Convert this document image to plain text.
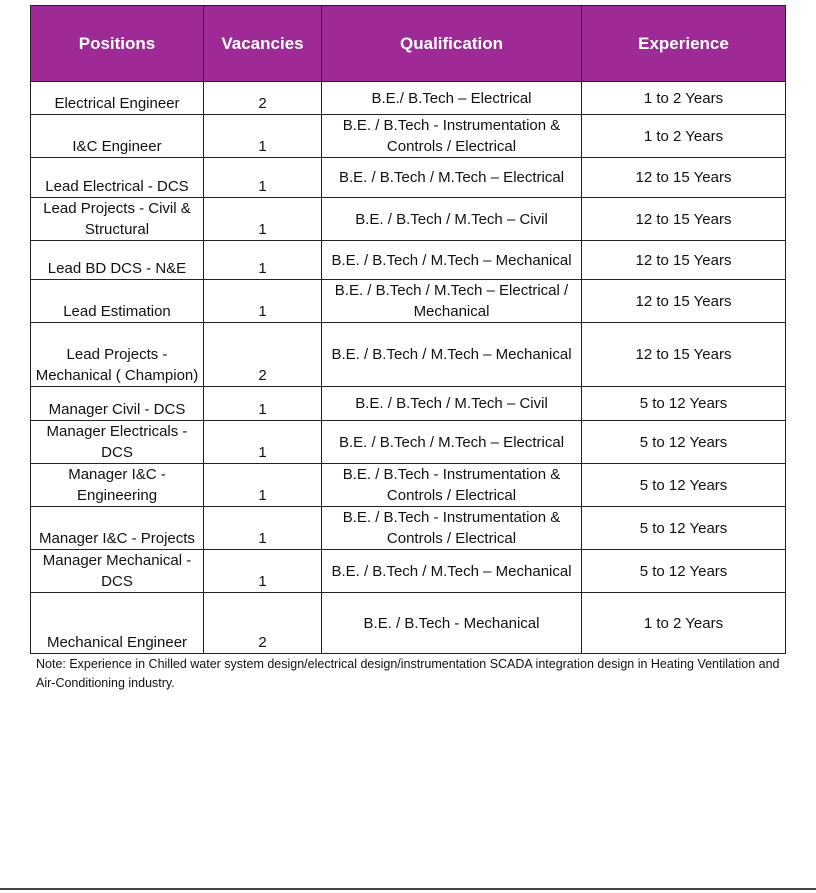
Positions	Vacancies	Qualification	Experience
Electrical Engineer	2	B.E./ B.Tech – Electrical	1 to 2 Years
I&C Engineer	1	B.E. / B.Tech - Instrumentation & Controls / Electrical	1 to 2 Years
Lead Electrical - DCS	1	B.E. / B.Tech / M.Tech – Electrical	12 to 15 Years
Lead Projects - Civil & Structural	1	B.E. / B.Tech / M.Tech – Civil	12 to 15 Years
Lead BD DCS - N&E	1	B.E. / B.Tech / M.Tech – Mechanical	12 to 15 Years
Lead Estimation	1	B.E. / B.Tech / M.Tech – Electrical / Mechanical	12 to 15 Years
Lead Projects - Mechanical ( Champion)	2	B.E. / B.Tech / M.Tech – Mechanical	12 to 15 Years
Manager Civil - DCS	1	B.E. / B.Tech / M.Tech – Civil	5 to 12 Years
Manager Electricals - DCS	1	B.E. / B.Tech / M.Tech – Electrical	5 to 12 Years
Manager I&C - Engineering	1	B.E. / B.Tech - Instrumentation & Controls / Electrical	5 to 12 Years
Manager I&C - Projects	1	B.E. / B.Tech - Instrumentation & Controls / Electrical	5 to 12 Years
Manager Mechanical - DCS	1	B.E. / B.Tech / M.Tech – Mechanical	5 to 12 Years
Mechanical Engineer	2	B.E. / B.Tech - Mechanical	1 to 2 Years
Note: Experience in Chilled water system design/electrical design/instrumentation SCADA integration design in Heating Ventilation and Air-Conditioning industry.
